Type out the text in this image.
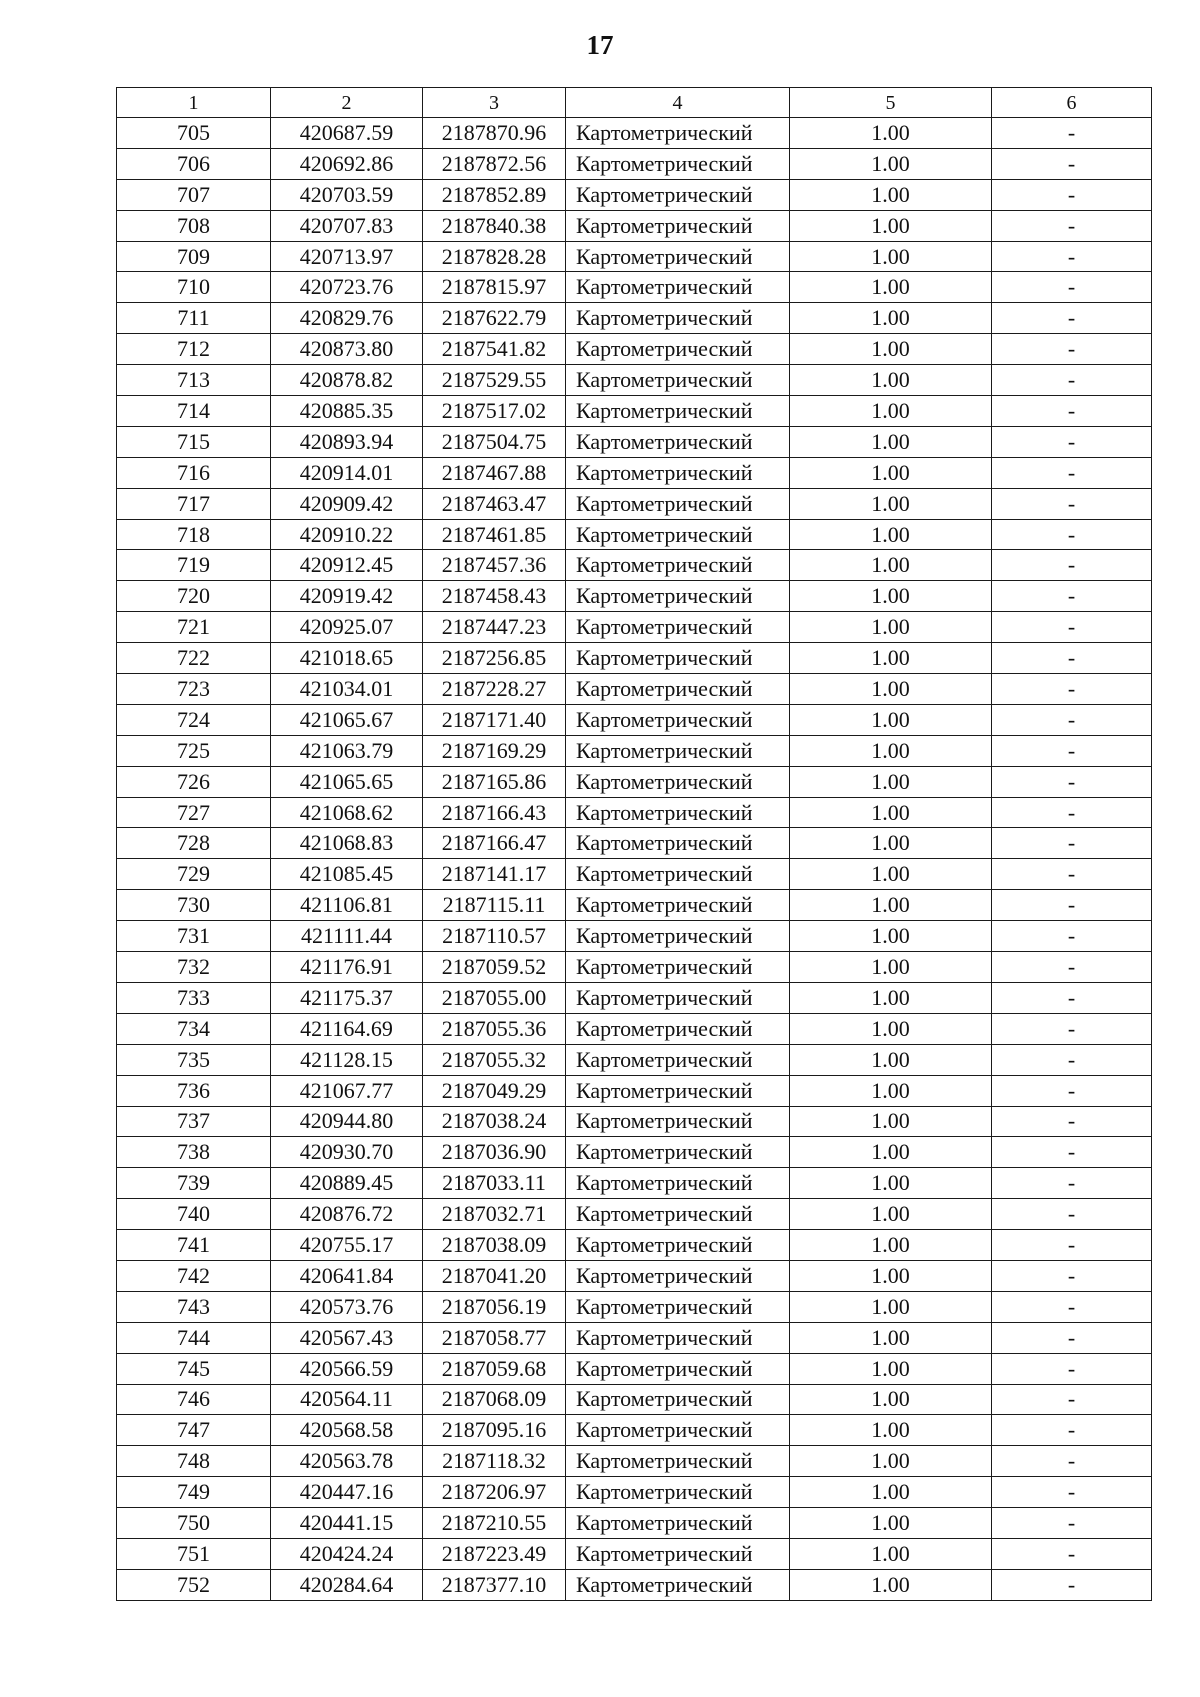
17
1	2	3	4	5	6
705	420687.59	2187870.96	Картометрический	1.00	-
706	420692.86	2187872.56	Картометрический	1.00	-
707	420703.59	2187852.89	Картометрический	1.00	-
708	420707.83	2187840.38	Картометрический	1.00	-
709	420713.97	2187828.28	Картометрический	1.00	-
710	420723.76	2187815.97	Картометрический	1.00	-
711	420829.76	2187622.79	Картометрический	1.00	-
712	420873.80	2187541.82	Картометрический	1.00	-
713	420878.82	2187529.55	Картометрический	1.00	-
714	420885.35	2187517.02	Картометрический	1.00	-
715	420893.94	2187504.75	Картометрический	1.00	-
716	420914.01	2187467.88	Картометрический	1.00	-
717	420909.42	2187463.47	Картометрический	1.00	-
718	420910.22	2187461.85	Картометрический	1.00	-
719	420912.45	2187457.36	Картометрический	1.00	-
720	420919.42	2187458.43	Картометрический	1.00	-
721	420925.07	2187447.23	Картометрический	1.00	-
722	421018.65	2187256.85	Картометрический	1.00	-
723	421034.01	2187228.27	Картометрический	1.00	-
724	421065.67	2187171.40	Картометрический	1.00	-
725	421063.79	2187169.29	Картометрический	1.00	-
726	421065.65	2187165.86	Картометрический	1.00	-
727	421068.62	2187166.43	Картометрический	1.00	-
728	421068.83	2187166.47	Картометрический	1.00	-
729	421085.45	2187141.17	Картометрический	1.00	-
730	421106.81	2187115.11	Картометрический	1.00	-
731	421111.44	2187110.57	Картометрический	1.00	-
732	421176.91	2187059.52	Картометрический	1.00	-
733	421175.37	2187055.00	Картометрический	1.00	-
734	421164.69	2187055.36	Картометрический	1.00	-
735	421128.15	2187055.32	Картометрический	1.00	-
736	421067.77	2187049.29	Картометрический	1.00	-
737	420944.80	2187038.24	Картометрический	1.00	-
738	420930.70	2187036.90	Картометрический	1.00	-
739	420889.45	2187033.11	Картометрический	1.00	-
740	420876.72	2187032.71	Картометрический	1.00	-
741	420755.17	2187038.09	Картометрический	1.00	-
742	420641.84	2187041.20	Картометрический	1.00	-
743	420573.76	2187056.19	Картометрический	1.00	-
744	420567.43	2187058.77	Картометрический	1.00	-
745	420566.59	2187059.68	Картометрический	1.00	-
746	420564.11	2187068.09	Картометрический	1.00	-
747	420568.58	2187095.16	Картометрический	1.00	-
748	420563.78	2187118.32	Картометрический	1.00	-
749	420447.16	2187206.97	Картометрический	1.00	-
750	420441.15	2187210.55	Картометрический	1.00	-
751	420424.24	2187223.49	Картометрический	1.00	-
752	420284.64	2187377.10	Картометрический	1.00	-
